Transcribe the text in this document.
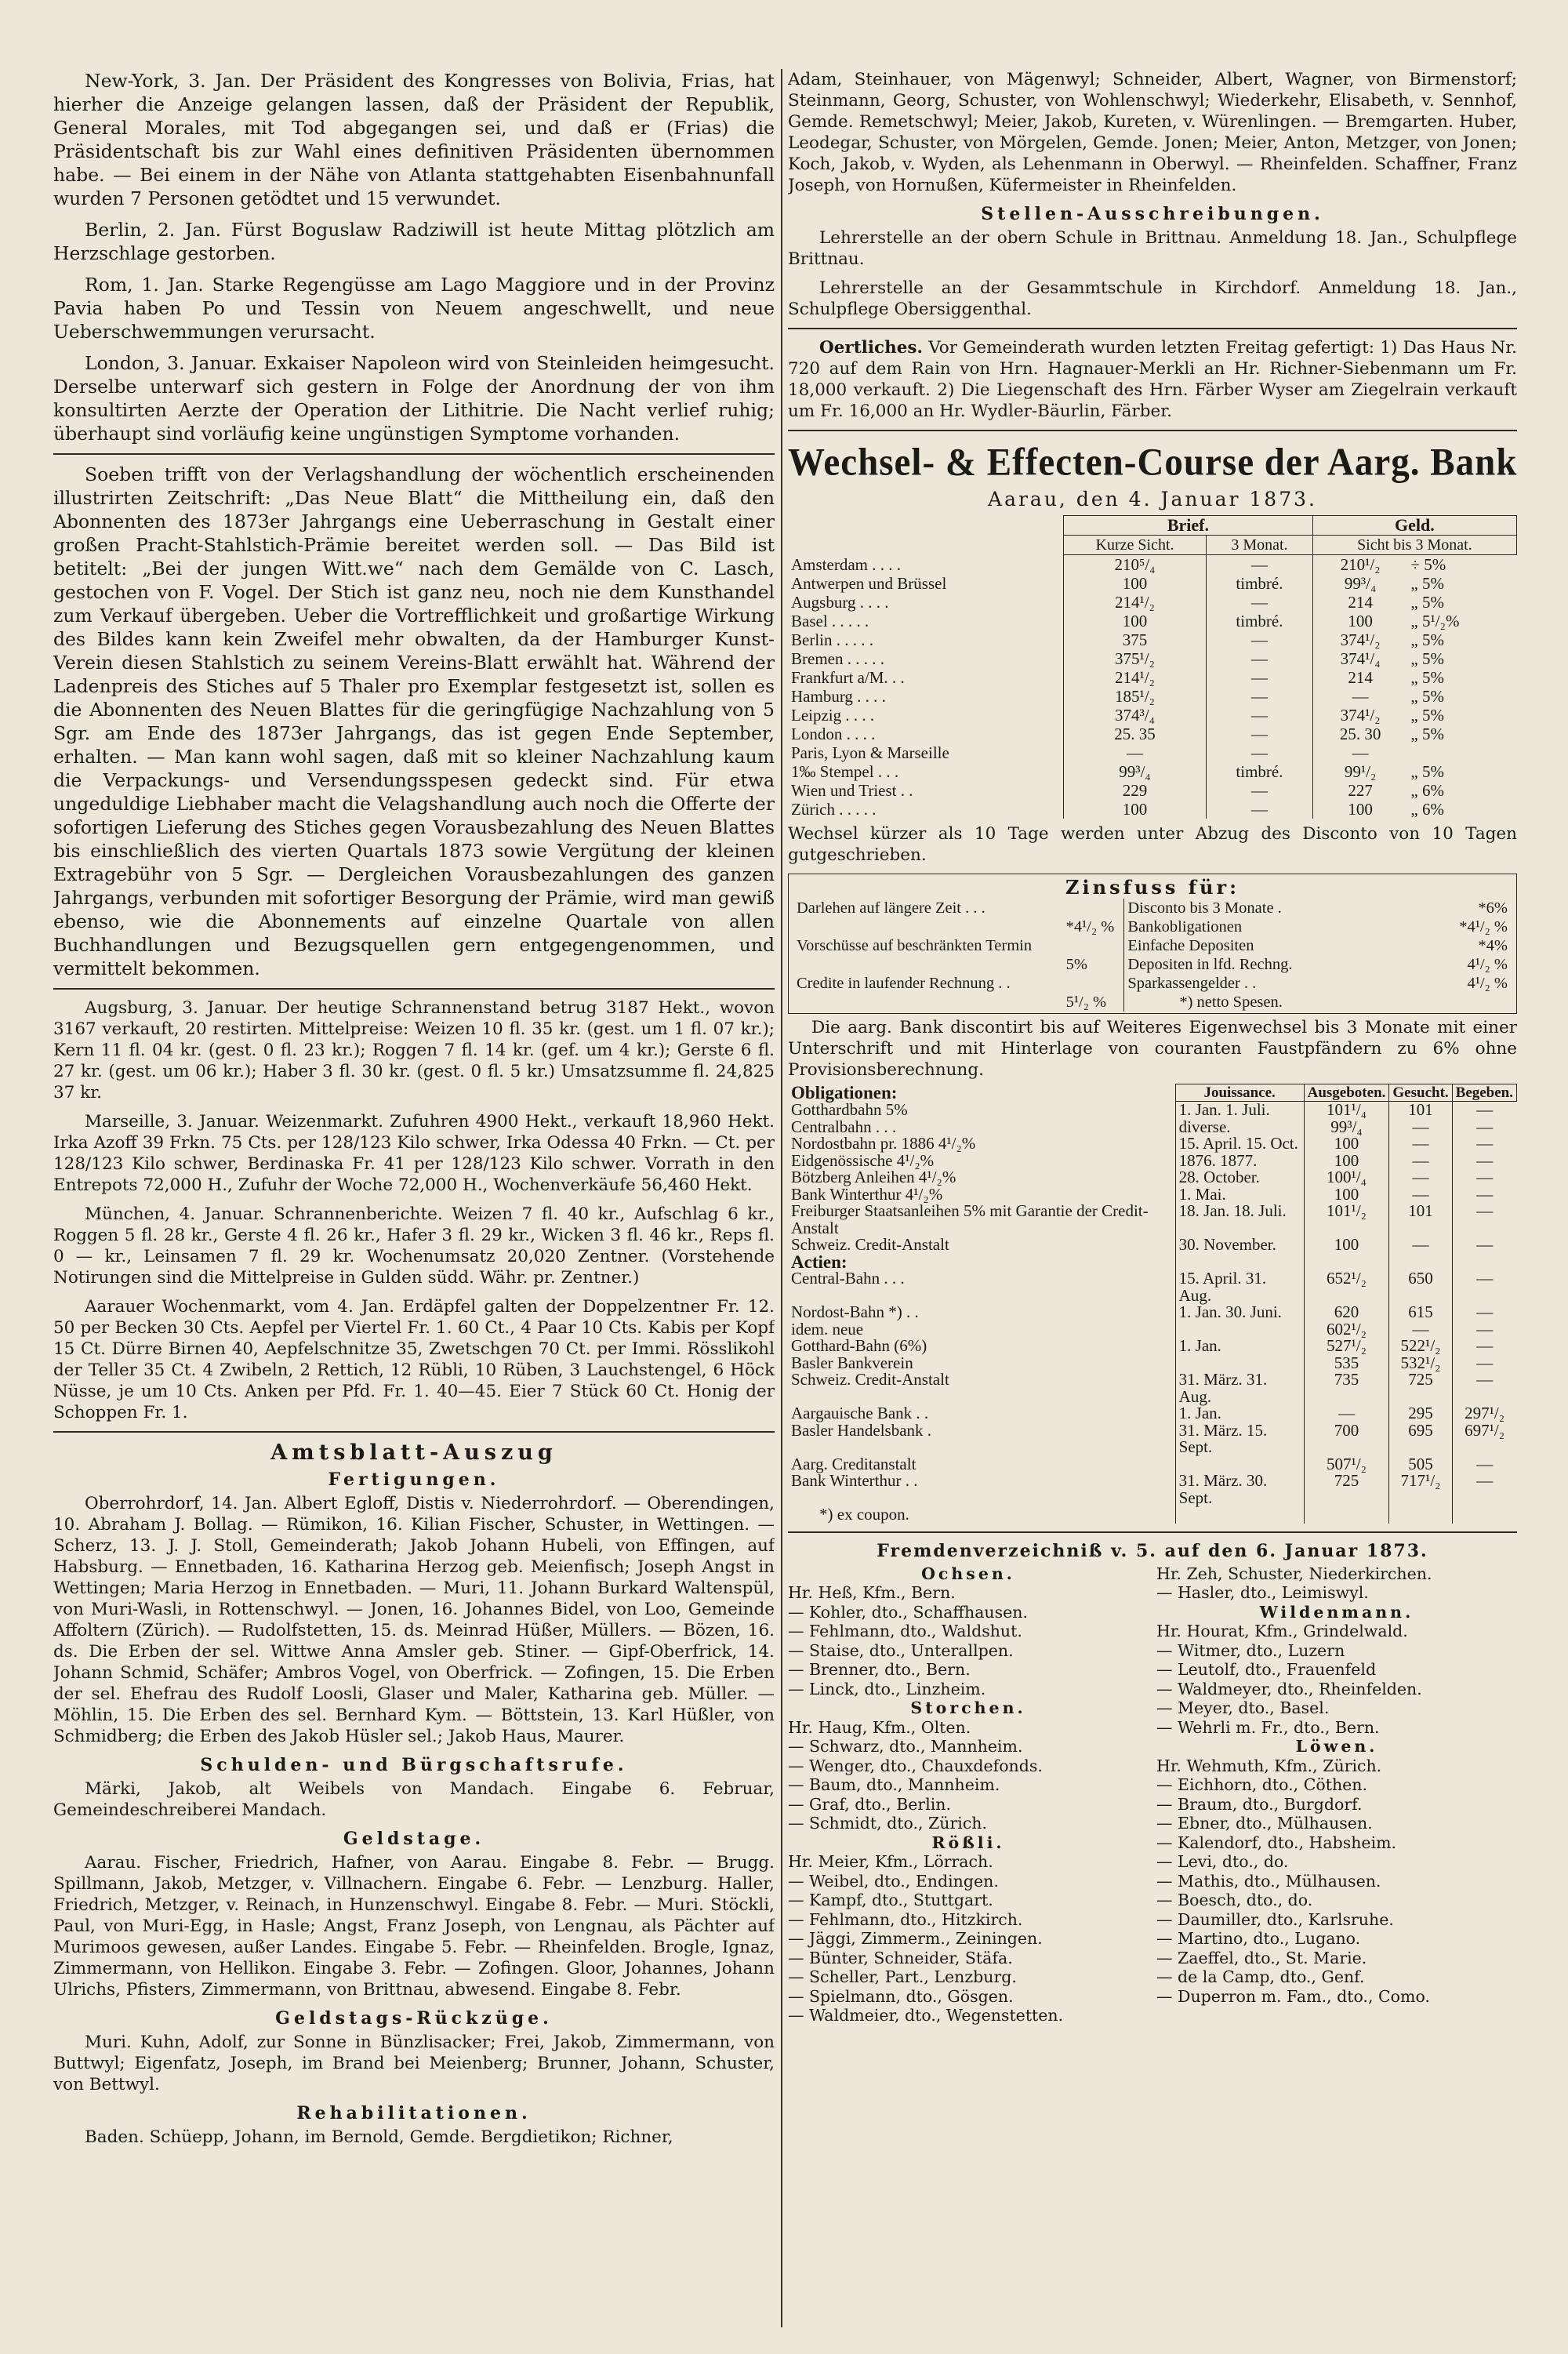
New-York, 3. Jan. Der Präsident des Kongresses von Bolivia, Frias, hat hierher die Anzeige gelangen lassen, daß der Präsident der Republik, General Morales, mit Tod abgegangen sei, und daß er (Frias) die Präsidentschaft bis zur Wahl eines definitiven Präsidenten übernommen habe. — Bei einem in der Nähe von Atlanta stattgehabten Eisenbahnunfall wurden 7 Personen getödtet und 15 verwundet.

Berlin, 2. Jan. Fürst Boguslaw Radziwill ist heute Mittag plötzlich am Herzschlage gestorben.

Rom, 1. Jan. Starke Regengüsse am Lago Maggiore und in der Provinz Pavia haben Po und Tessin von Neuem angeschwellt, und neue Ueberschwemmungen verursacht.

London, 3. Januar. Exkaiser Napoleon wird von Steinleiden heimgesucht. Derselbe unterwarf sich gestern in Folge der Anordnung der von ihm konsultirten Aerzte der Operation der Lithitrie. Die Nacht verlief ruhig; überhaupt sind vorläufig keine ungünstigen Symptome vorhanden.

Soeben trifft von der Verlagshandlung der wöchentlich erscheinenden illustrirten Zeitschrift: „Das Neue Blatt“ die Mittheilung ein, daß den Abonnenten des 1873er Jahrgangs eine Ueberraschung in Gestalt einer großen Pracht-Stahlstich-Prämie bereitet werden soll. — Das Bild ist betitelt: „Bei der jungen Witt.we“ nach dem Gemälde von C. Lasch, gestochen von F. Vogel. Der Stich ist ganz neu, noch nie dem Kunsthandel zum Verkauf übergeben. Ueber die Vortrefflichkeit und großartige Wirkung des Bildes kann kein Zweifel mehr obwalten, da der Hamburger Kunst-Verein diesen Stahlstich zu seinem Vereins-Blatt erwählt hat. Während der Ladenpreis des Stiches auf 5 Thaler pro Exemplar festgesetzt ist, sollen es die Abonnenten des Neuen Blattes für die geringfügige Nachzahlung von 5 Sgr. am Ende des 1873er Jahrgangs, das ist gegen Ende September, erhalten. — Man kann wohl sagen, daß mit so kleiner Nachzahlung kaum die Verpackungs- und Versendungsspesen gedeckt sind. Für etwa ungeduldige Liebhaber macht die Velagshandlung auch noch die Offerte der sofortigen Lieferung des Stiches gegen Vorausbezahlung des Neuen Blattes bis einschließlich des vierten Quartals 1873 sowie Vergütung der kleinen Extragebühr von 5 Sgr. — Dergleichen Vorausbezahlungen des ganzen Jahrgangs, verbunden mit sofortiger Besorgung der Prämie, wird man gewiß ebenso, wie die Abonnements auf einzelne Quartale von allen Buchhandlungen und Bezugsquellen gern entgegengenommen, und vermittelt bekommen.

Augsburg, 3. Januar. Der heutige Schrannenstand betrug 3187 Hekt., wovon 3167 verkauft, 20 restirten. Mittelpreise: Weizen 10 fl. 35 kr. (gest. um 1 fl. 07 kr.); Kern 11 fl. 04 kr. (gest. 0 fl. 23 kr.); Roggen 7 fl. 14 kr. (gef. um 4 kr.); Gerste 6 fl. 27 kr. (gest. um 06 kr.); Haber 3 fl. 30 kr. (gest. 0 fl. 5 kr.) Umsatzsumme fl. 24,825 37 kr.

Marseille, 3. Januar. Weizenmarkt. Zufuhren 4900 Hekt., verkauft 18,960 Hekt. Irka Azoff 39 Frkn. 75 Cts. per 128/123 Kilo schwer, Irka Odessa 40 Frkn. — Ct. per 128/123 Kilo schwer, Berdinaska Fr. 41 per 128/123 Kilo schwer. Vorrath in den Entrepots 72,000 H., Zufuhr der Woche 72,000 H., Wochenverkäufe 56,460 Hekt.

München, 4. Januar. Schrannenberichte. Weizen 7 fl. 40 kr., Aufschlag 6 kr., Roggen 5 fl. 28 kr., Gerste 4 fl. 26 kr., Hafer 3 fl. 29 kr., Wicken 3 fl. 46 kr., Reps fl. 0 — kr., Leinsamen 7 fl. 29 kr. Wochenumsatz 20,020 Zentner. (Vorstehende Notirungen sind die Mittelpreise in Gulden südd. Währ. pr. Zentner.)

Aarauer Wochenmarkt, vom 4. Jan. Erdäpfel galten der Doppelzentner Fr. 12. 50 per Becken 30 Cts. Aepfel per Viertel Fr. 1. 60 Ct., 4 Paar 10 Cts. Kabis per Kopf 15 Ct. Dürre Birnen 40, Aepfelschnitze 35, Zwetschgen 70 Ct. per Immi. Rösslikohl der Teller 35 Ct. 4 Zwibeln, 2 Rettich, 12 Rübli, 10 Rüben, 3 Lauchstengel, 6 Höck Nüsse, je um 10 Cts. Anken per Pfd. Fr. 1. 40—45. Eier 7 Stück 60 Ct. Honig der Schoppen Fr. 1.

Amtsblatt-Auszug
Fertigungen.

Oberrohrdorf, 14. Jan. Albert Egloff, Distis v. Niederrohrdorf. — Oberendingen, 10. Abraham J. Bollag. — Rümikon, 16. Kilian Fischer, Schuster, in Wettingen. — Scherz, 13. J. J. Stoll, Gemeinderath; Jakob Johann Hubeli, von Effingen, auf Habsburg. — Ennetbaden, 16. Katharina Herzog geb. Meienfisch; Joseph Angst in Wettingen; Maria Herzog in Ennetbaden. — Muri, 11. Johann Burkard Waltenspül, von Muri-Wasli, in Rottenschwyl. — Jonen, 16. Johannes Bidel, von Loo, Gemeinde Affoltern (Zürich). — Rudolfstetten, 15. ds. Meinrad Hüßer, Müllers. — Bözen, 16. ds. Die Erben der sel. Wittwe Anna Amsler geb. Stiner. — Gipf-Oberfrick, 14. Johann Schmid, Schäfer; Ambros Vogel, von Oberfrick. — Zofingen, 15. Die Erben der sel. Ehefrau des Rudolf Loosli, Glaser und Maler, Katharina geb. Müller. — Möhlin, 15. Die Erben des sel. Bernhard Kym. — Böttstein, 13. Karl Hüßler, von Schmidberg; die Erben des Jakob Hüsler sel.; Jakob Haus, Maurer.

Schulden- und Bürgschaftsrufe.

Märki, Jakob, alt Weibels von Mandach. Eingabe 6. Februar, Gemeindeschreiberei Mandach.

Geldstage.

Aarau. Fischer, Friedrich, Hafner, von Aarau. Eingabe 8. Febr. — Brugg. Spillmann, Jakob, Metzger, v. Villnachern. Eingabe 6. Febr. — Lenzburg. Haller, Friedrich, Metzger, v. Reinach, in Hunzenschwyl. Eingabe 8. Febr. — Muri. Stöckli, Paul, von Muri-Egg, in Hasle; Angst, Franz Joseph, von Lengnau, als Pächter auf Murimoos gewesen, außer Landes. Eingabe 5. Febr. — Rheinfelden. Brogle, Ignaz, Zimmermann, von Hellikon. Eingabe 3. Febr. — Zofingen. Gloor, Johannes, Johann Ulrichs, Pfisters, Zimmermann, von Brittnau, abwesend. Eingabe 8. Febr.

Geldstags-Rückzüge.

Muri. Kuhn, Adolf, zur Sonne in Bünzlisacker; Frei, Jakob, Zimmermann, von Buttwyl; Eigenfatz, Joseph, im Brand bei Meienberg; Brunner, Johann, Schuster, von Bettwyl.

Rehabilitationen.

Baden. Schüepp, Johann, im Bernold, Gemde. Bergdietikon; Richner,

Adam, Steinhauer, von Mägenwyl; Schneider, Albert, Wagner, von Birmenstorf; Steinmann, Georg, Schuster, von Wohlenschwyl; Wiederkehr, Elisabeth, v. Sennhof, Gemde. Remetschwyl; Meier, Jakob, Kureten, v. Würenlingen. — Bremgarten. Huber, Leodegar, Schuster, von Mörgelen, Gemde. Jonen; Meier, Anton, Metzger, von Jonen; Koch, Jakob, v. Wyden, als Lehenmann in Oberwyl. — Rheinfelden. Schaffner, Franz Joseph, von Hornußen, Küfermeister in Rheinfelden.

Stellen-Ausschreibungen.

Lehrerstelle an der obern Schule in Brittnau. Anmeldung 18. Jan., Schulpflege Brittnau.

Lehrerstelle an der Gesammtschule in Kirchdorf. Anmeldung 18. Jan., Schulpflege Obersiggenthal.

Oertliches. Vor Gemeinderath wurden letzten Freitag gefertigt: 1) Das Haus Nr. 720 auf dem Rain von Hrn. Hagnauer-Merkli an Hr. Richner-Siebenmann um Fr. 18,000 verkauft. 2) Die Liegenschaft des Hrn. Färber Wyser am Ziegelrain verkauft um Fr. 16,000 an Hr. Wydler-Bäurlin, Färber.

Wechsel- & Effecten-Course der Aarg. Bank
Aarau, den 4. Januar 1873.
	Brief.		Geld.	
	Kurze Sicht.	3 Monat.	Sicht bis 3 Monat.	
Amsterdam . . . .	210⁵/₄	—	210¹/₂	÷ 5%
Antwerpen und Brüssel	100	timbré.	99³/₄	„ 5%
Augsburg . . . .	214¹/₂	—	214	„ 5%
Basel . . . . .	100	timbré.	100	„ 5¹/₂%
Berlin . . . . .	375	—	374¹/₂	„ 5%
Bremen . . . . .	375¹/₂	—	374¹/₄	„ 5%
Frankfurt a/M. . .	214¹/₂	—	214	„ 5%
Hamburg . . . .	185¹/₂	—	—	„ 5%
Leipzig . . . .	374³/₄	—	374¹/₂	„ 5%
London . . . .	25. 35	—	25. 30	„ 5%
Paris, Lyon & Marseille	—	—	—	
1‰ Stempel . . .	99³/₄	timbré.	99¹/₂	„ 5%
Wien und Triest . .	229	—	227	„ 6%
Zürich . . . . .	100	—	100	„ 6%

Wechsel kürzer als 10 Tage werden unter Abzug des Disconto von 10 Tagen gutgeschrieben.

Zinsfuss für:
Darlehen auf längere Zeit . . .	*4¹/₂ %
Vorschüsse auf beschränkten Termin	5%
Credite in laufender Rechnung . .	5¹/₂ %
Disconto bis 3 Monate .	*6%
Bankobligationen	*4¹/₂ %
Einfache Depositen	*4%
Depositen in lfd. Rechng.	4¹/₂ %
Sparkassengelder . .	4¹/₂ %
*) netto Spesen.	

Die aarg. Bank discontirt bis auf Weiteres Eigenwechsel bis 3 Monate mit einer Unterschrift und mit Hinterlage von couranten Faustpfändern zu 6% ohne Provisionsberechnung.

Obligationen:	Jouissance.	Ausgeboten.	Gesucht.	Begeben.
Gotthardbahn 5%	1. Jan. 1. Juli.	101¹/₄	101	—
Centralbahn . . .	diverse.	99³/₄	—	—
Nordostbahn pr. 1886 4¹/₂%	15. April. 15. Oct.	100	—	—
Eidgenössische 4¹/₂%	1876. 1877.	100	—	—
Bötzberg Anleihen 4¹/₂%	28. October.	100¹/₄	—	—
Bank Winterthur 4¹/₂%	1. Mai.	100	—	—
Freiburger Staatsanleihen 5% mit Garantie der Credit-Anstalt	18. Jan. 18. Juli.	101¹/₂	101	—
Schweiz. Credit-Anstalt	30. November.	100	—	—
Actien:				
Central-Bahn . . .	15. April. 31. Aug.	652¹/₂	650	—
Nordost-Bahn *) . .	1. Jan. 30. Juni.	620	615	—
idem. neue		602¹/₂	—	—
Gotthard-Bahn (6%)	1. Jan.	527¹/₂	522¹/₂	—
Basler Bankverein		535	532¹/₂	—
Schweiz. Credit-Anstalt	31. März. 31. Aug.	735	725	—
Aargauische Bank . .	1. Jan.	—	295	297¹/₂
Basler Handelsbank .	31. März. 15. Sept.	700	695	697¹/₂
Aarg. Creditanstalt		507¹/₂	505	—
Bank Winterthur . .	31. März. 30. Sept.	725	717¹/₂	—
*) ex coupon.				
Fremdenverzeichniß v. 5. auf den 6. Januar 1873.
Ochsen.
Hr. Heß, Kfm., Bern.
— Kohler, dto., Schaffhausen.
— Fehlmann, dto., Waldshut.
— Staise, dto., Unterallpen.
— Brenner, dto., Bern.
— Linck, dto., Linzheim.
Storchen.
Hr. Haug, Kfm., Olten.
— Schwarz, dto., Mannheim.
— Wenger, dto., Chauxdefonds.
— Baum, dto., Mannheim.
— Graf, dto., Berlin.
— Schmidt, dto., Zürich.
Rößli.
Hr. Meier, Kfm., Lörrach.
— Weibel, dto., Endingen.
— Kampf, dto., Stuttgart.
— Fehlmann, dto., Hitzkirch.
— Jäggi, Zimmerm., Zeiningen.
— Bünter, Schneider, Stäfa.
— Scheller, Part., Lenzburg.
— Spielmann, dto., Gösgen.
— Waldmeier, dto., Wegenstetten.
Hr. Zeh, Schuster, Niederkirchen.
— Hasler, dto., Leimiswyl.
Wildenmann.
Hr. Hourat, Kfm., Grindelwald.
— Witmer, dto., Luzern
— Leutolf, dto., Frauenfeld
— Waldmeyer, dto., Rheinfelden.
— Meyer, dto., Basel.
— Wehrli m. Fr., dto., Bern.
Löwen.
Hr. Wehmuth, Kfm., Zürich.
— Eichhorn, dto., Cöthen.
— Braum, dto., Burgdorf.
— Ebner, dto., Mülhausen.
— Kalendorf, dto., Habsheim.
— Levi, dto., do.
— Mathis, dto., Mülhausen.
— Boesch, dto., do.
— Daumiller, dto., Karlsruhe.
— Martino, dto., Lugano.
— Zaeffel, dto., St. Marie.
— de la Camp, dto., Genf.
— Duperron m. Fam., dto., Como.
